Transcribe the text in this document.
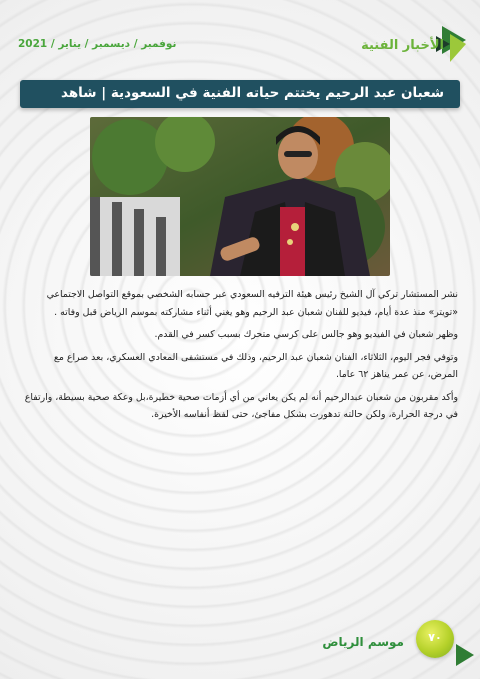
نوفمبر / ديسمبر / يناير / 2021	الأخبار الفنية
شعبان عبد الرحيم يختتم حياته الفنية في السعودية | شاهد

نشر المستشار تركي آل الشيخ رئيس هيئة الترفيه السعودي عبر حسابه الشخصي بموقع التواصل الاجتماعي «تويتر» منذ عدة أيام، فيديو للفنان شعبان عبد الرحيم وهو يغني أثناء مشاركته بموسم الرياض قبل وفاته .

وظهر شعبان في الفيديو وهو جالس على كرسي متحرك بسبب كسر في القدم.

وتوفي فجر اليوم، الثلاثاء، الفنان شعبان عبد الرحيم، وذلك في مستشفى المعادي العسكري، بعد صراع مع المرض، عن عمر يناهز ٦٢ عاما.

وأكد مقربون من شعبان عبدالرحيم أنه لم يكن يعاني من أي أزمات صحية خطيرة،بل وعكة صحية بسيطة، وارتفاع في درجة الحرارة، ولكن حالته تدهورت بشكل مفاجئ، حتى لفظ أنفاسه الأخيرة.

موسم الرياض	٧٠
